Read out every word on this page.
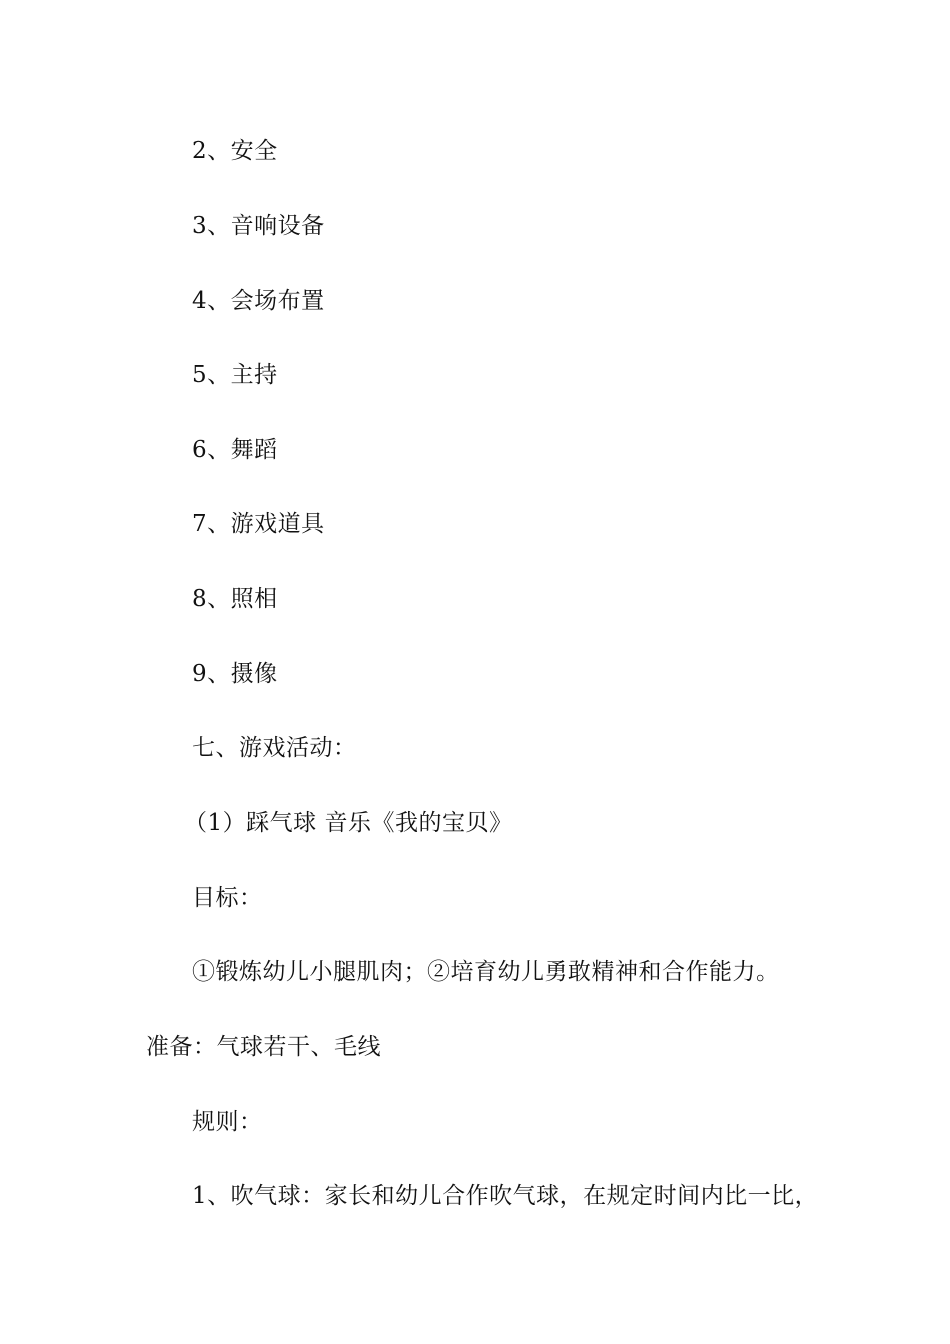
2、安全

3、音响设备

4、会场布置

5、主持

6、舞蹈

7、游戏道具

8、照相

9、摄像

七、游戏活动：

（1）踩气球 音乐《我的宝贝》

目标：

①锻炼幼儿小腿肌肉；②培育幼儿勇敢精神和合作能力。

准备：气球若干、毛线

规则：

1、吹气球：家长和幼儿合作吹气球，在规定时间内比一比，
